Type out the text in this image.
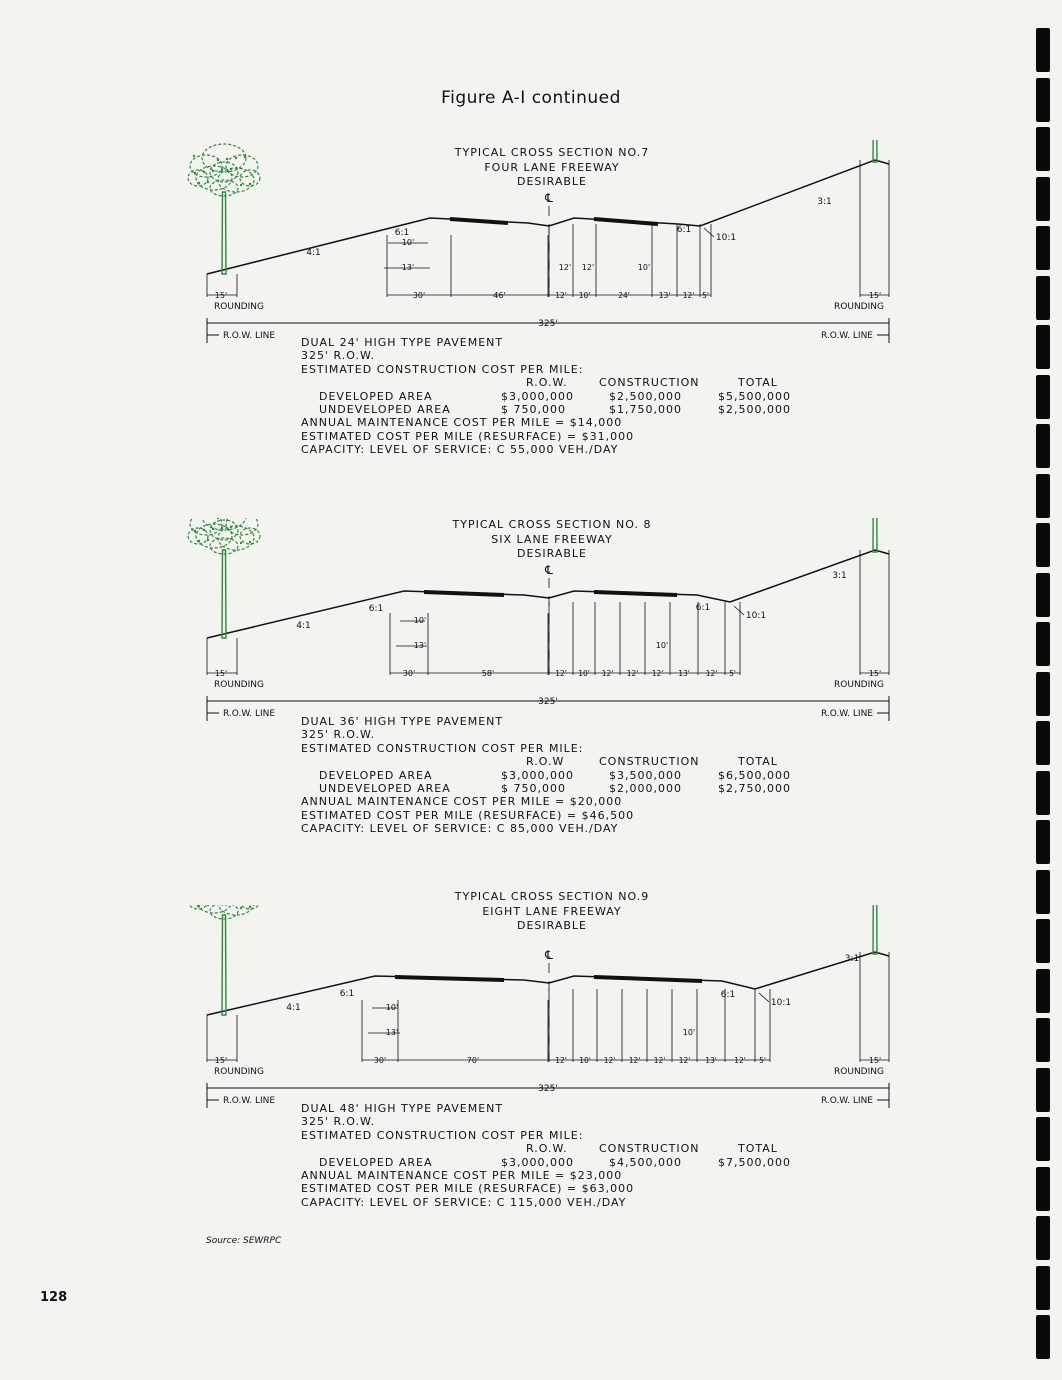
Figure A-I continued
TYPICAL CROSS SECTION NO.7
FOUR LANE FREEWAY
DESIRABLE
℄
30'	46'	12' 10'	24'	13' 12' 5'
15'
ROUNDING
15'
ROUNDING
10'
13'	12' 12'	10'
4:1
6:1	6:1
10:1
3:1
325'
R.O.W. LINE	R.O.W. LINE
DUAL 24' HIGH TYPE PAVEMENT
325' R.O.W.
ESTIMATED CONSTRUCTION COST PER MILE:
R.O.W.	CONSTRUCTION	TOTAL
DEVELOPED AREA	$3,000,000	$2,500,000	$5,500,000
UNDEVELOPED AREA	$ 750,000	$1,750,000	$2,500,000
ANNUAL MAINTENANCE COST PER MILE = $14,000
ESTIMATED COST PER MILE (RESURFACE) = $31,000
CAPACITY: LEVEL OF SERVICE: C 55,000 VEH./DAY
TYPICAL CROSS SECTION NO. 8
SIX LANE FREEWAY
DESIRABLE
℄
30'	58'	12' 10' 12' 12' 12' 13' 12' 5'
15'
ROUNDING
15'
ROUNDING
10'
13'	10'
4:1
6:1	6:1
10:1
3:1
325'
R.O.W. LINE	R.O.W. LINE
DUAL 36' HIGH TYPE PAVEMENT
325' R.O.W.
ESTIMATED CONSTRUCTION COST PER MILE:
R.O.W	CONSTRUCTION	TOTAL
DEVELOPED AREA	$3,000,000	$3,500,000	$6,500,000
UNDEVELOPED AREA	$ 750,000	$2,000,000	$2,750,000
ANNUAL MAINTENANCE COST PER MILE = $20,000
ESTIMATED COST PER MILE (RESURFACE) = $46,500
CAPACITY: LEVEL OF SERVICE: C 85,000 VEH./DAY
TYPICAL CROSS SECTION NO.9
EIGHT LANE FREEWAY
DESIRABLE
℄
30'	70'	12' 10' 12' 12' 12' 12' 13' 12' 5'
15'
ROUNDING
15'
ROUNDING
10'
13'	10'
4:1
6:1	6:1
10:1
3:1
325'
R.O.W. LINE	R.O.W. LINE
DUAL 48' HIGH TYPE PAVEMENT
325' R.O.W.
ESTIMATED CONSTRUCTION COST PER MILE:
R.O.W.	CONSTRUCTION	TOTAL
DEVELOPED AREA	$3,000,000	$4,500,000	$7,500,000
ANNUAL MAINTENANCE COST PER MILE = $23,000
ESTIMATED COST PER MILE (RESURFACE) = $63,000
CAPACITY: LEVEL OF SERVICE: C 115,000 VEH./DAY
Source: SEWRPC
128
